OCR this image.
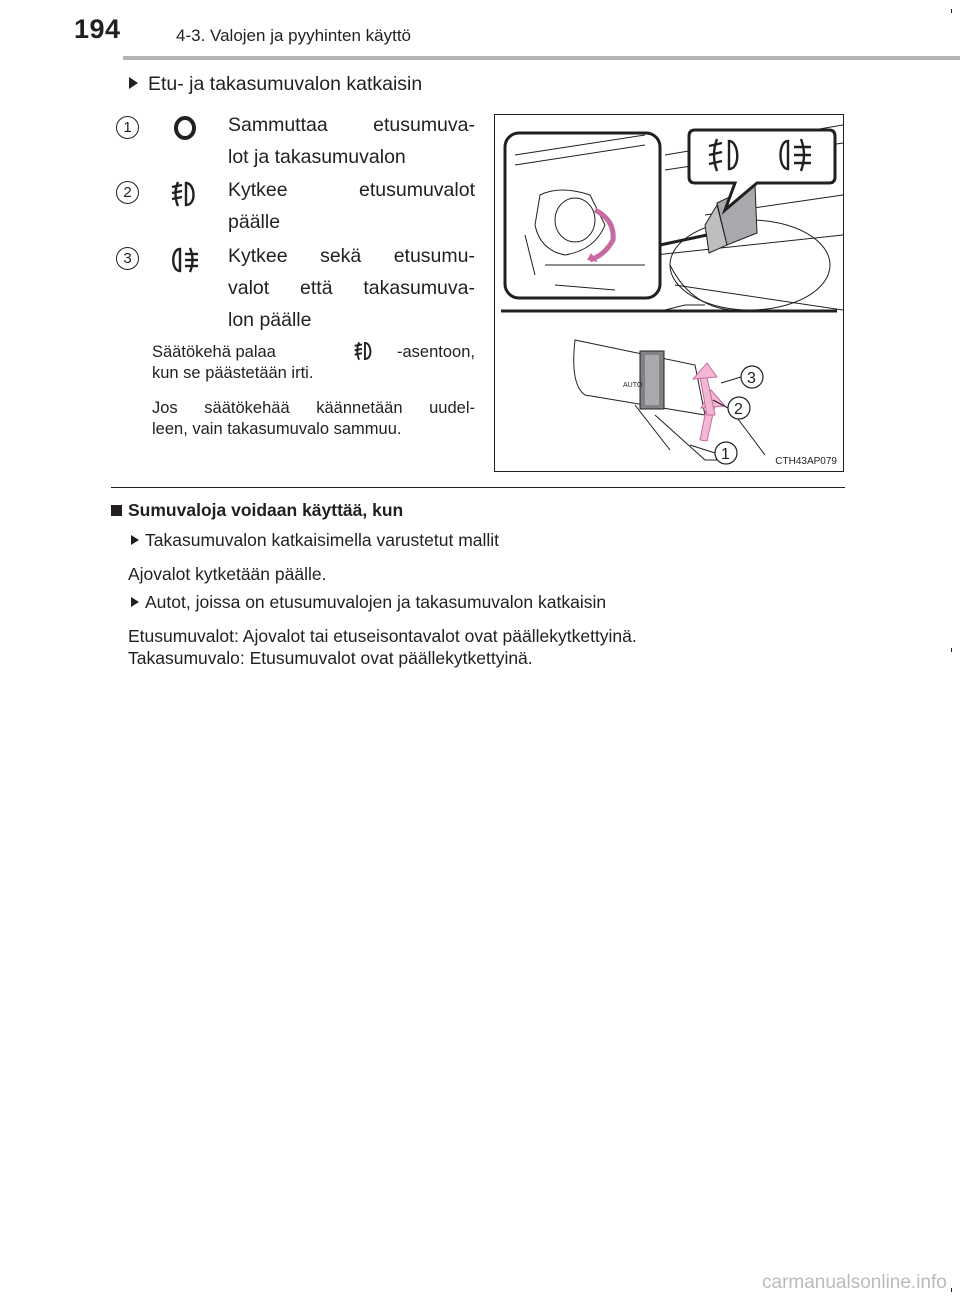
194	4-3. Valojen ja pyyhinten käyttö
Etu- ja takasumuvalon katkaisin
1	Sammuttaa etusumuva-
lot ja takasumuvalon
2	Kytkee etusumuvalot
päälle
3	Kytkee sekä etusumu-
valot että takasumuva-
lon päälle
Säätökehä palaa	-asentoon,
kun se päästetään irti.
Jos säätökehää käännetään uudel-
leen, vain takasumuvalo sammuu.
AUTO	3
2
1	CTH43AP079
Sumuvaloja voidaan käyttää, kun
Takasumuvalon katkaisimella varustetut mallit
Ajovalot kytketään päälle.
Autot, joissa on etusumuvalojen ja takasumuvalon katkaisin
Etusumuvalot: Ajovalot tai etuseisontavalot ovat päällekytkettyinä.
Takasumuvalo: Etusumuvalot ovat päällekytkettyinä.
carmanualsonline.info
